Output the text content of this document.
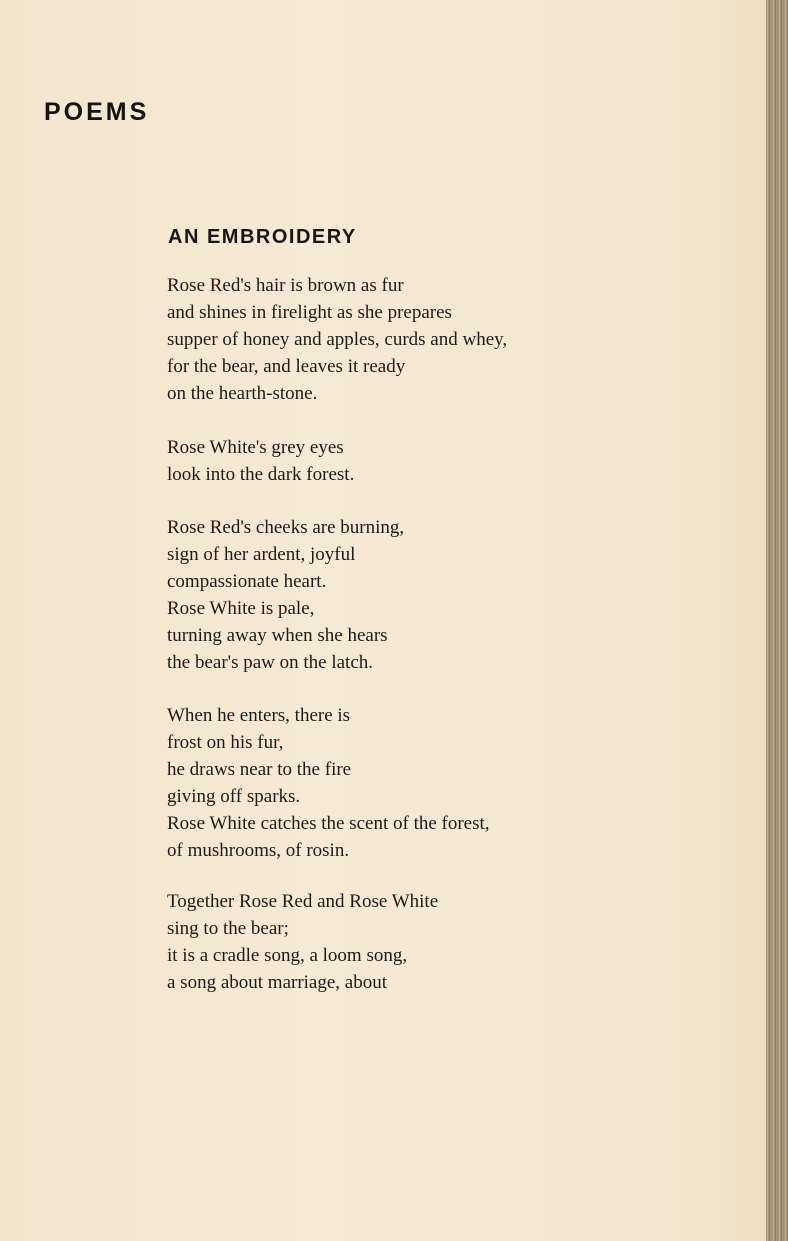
POEMS
AN EMBROIDERY
Rose Red's hair is brown as fur
and shines in firelight as she prepares
supper of honey and apples, curds and whey,
for the bear, and leaves it ready
on the hearth-stone.
Rose White's grey eyes
look into the dark forest.
Rose Red's cheeks are burning,
sign of her ardent, joyful
compassionate heart.
Rose White is pale,
turning away when she hears
the bear's paw on the latch.
When he enters, there is
frost on his fur,
he draws near to the fire
giving off sparks.
Rose White catches the scent of the forest,
of mushrooms, of rosin.
Together Rose Red and Rose White
sing to the bear;
it is a cradle song, a loom song,
a song about marriage, about
